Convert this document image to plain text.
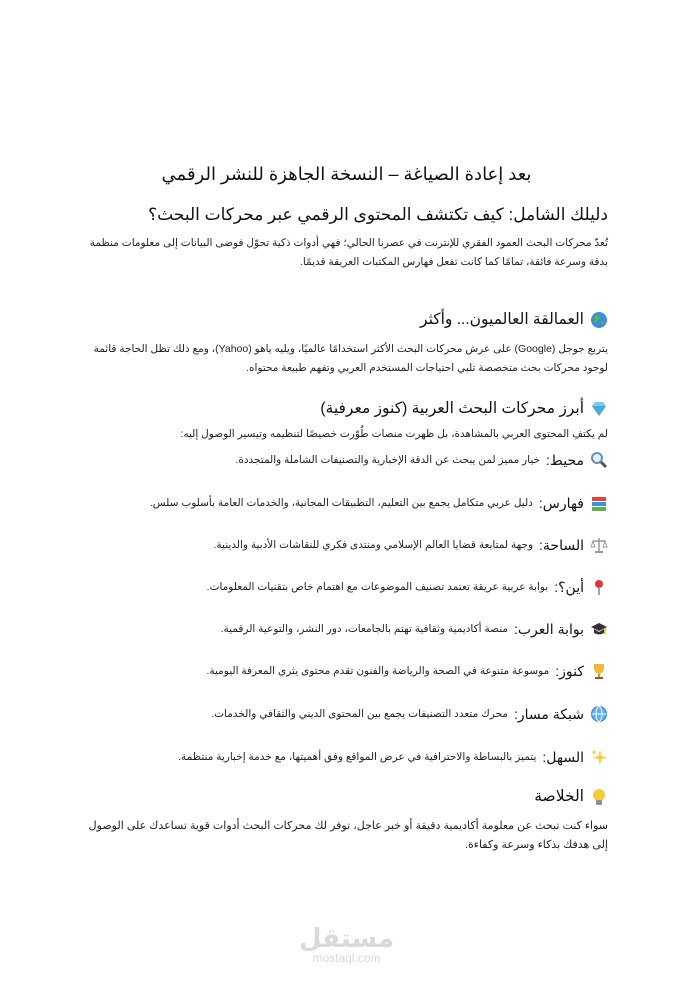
بعد إعادة الصياغة – النسخة الجاهزة للنشر الرقمي
دليلك الشامل: كيف تكتشف المحتوى الرقمي عبر محركات البحث؟
تُعدّ محركات البحث العمود الفقري للإنترنت في عصرنا الحالي؛ فهي أدوات ذكية تحوّل فوضى البيانات إلى معلومات منظمة بدقة وسرعة فائقة، تمامًا كما كانت تفعل فهارس المكتبات العريقة قديمًا.
العمالقة العالميون... وأكثر
يتربع جوجل (Google) على عرش محركات البحث الأكثر استخدامًا عالميًا، ويليه ياهو (Yahoo)، ومع ذلك تظل الحاجة قائمة لوجود محركات بحث متخصصة تلبي احتياجات المستخدم العربي وتفهم طبيعة محتواه.
أبرز محركات البحث العربية (كنوز معرفية)
لم يكتفِ المحتوى العربي بالمشاهدة، بل ظهرت منصات طُوّرت خصيصًا لتنظيمه وتيسير الوصول إليه:
محيط:
خيار مميز لمن يبحث عن الدقة الإخبارية والتصنيفات الشاملة والمتجددة.
فهارس:
دليل عربي متكامل يجمع بين التعليم، التطبيقات المجانية، والخدمات العامة بأسلوب سلس.
الساحة:
وجهة لمتابعة قضايا العالم الإسلامي ومنتدى فكري للنقاشات الأدبية والدينية.
أين؟:
بوابة عربية عريقة تعتمد تصنيف الموضوعات مع اهتمام خاص بتقنيات المعلومات.
بوابة العرب:
منصة أكاديمية وثقافية تهتم بالجامعات، دور النشر، والتوعية الرقمية.
كنوز:
موسوعة متنوعة في الصحة والرياضة والفنون تقدم محتوى يثري المعرفة اليومية.
شبكة مسار:
محرك متعدد التصنيفات يجمع بين المحتوى الديني والثقافي والخدمات.
السهل:
يتميز بالبساطة والاحترافية في عرض المواقع وفق أهميتها، مع خدمة إخبارية منتظمة.
الخلاصة
سواء كنت تبحث عن معلومة أكاديمية دقيقة أو خبر عاجل، توفر لك محركات البحث أدوات قوية تساعدك على الوصول إلى هدفك بذكاء وسرعة وكفاءة.
مستقل
mostaql.com
